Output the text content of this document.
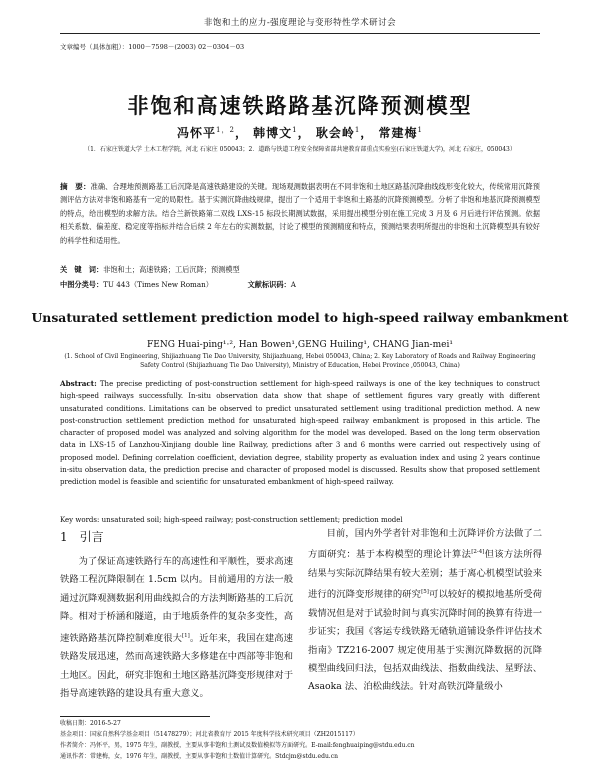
非饱和土的应力-强度理论与变形特性学术研讨会
文章编号（具体加粗）：1000－7598－(2003) 02－0304－03
非饱和高速铁路路基沉降预测模型
冯怀平$^{1,2}$， 韩博文$^1$， 耿会岭$^1$， 常建梅$^1$
（1．石家庄铁道大学 土木工程学院，河北 石家庄 050043；2．道路与铁道工程安全保障省部共建教育部重点实验室(石家庄铁道大学)，河北 石家庄，050043）
摘　要：准确、合理地预测路基工后沉降是高速铁路建设的关键。现场观测数据表明在不同非饱和土地区路基沉降曲线线形变化较大，传统常用沉降预测评估方法对非饱和路基有一定的局限性。基于实测沉降曲线规律，提出了一个适用于非饱和土路基的沉降预测模型。分析了非饱和地基沉降预测模型的特点，给出模型的求解方法。结合兰新铁路第二双线 LXS-15 标段长期测试数据，采用提出模型分别在施工完成 3 月及 6 月后进行评估预测。依据相关系数、偏差度、稳定度等指标并结合后续 2 年左右的实测数据，讨论了模型的预测精度和特点，预测结果表明所提出的非饱和土沉降模型具有较好的科学性和适用性。
关　键　词：非饱和土；高速铁路；工后沉降；预测模型
中图分类号：TU 443（Times New Roman）	文献标识码：A
Unsaturated settlement prediction model to high-speed railway embankment
FENG Huai-ping¹·², Han Bowen¹,GENG Huiling¹, CHANG Jian-mei¹
(1. School of Civil Engineering, Shijiazhuang Tie Dao University, Shijiazhuang, Hebei 050043, China; 2. Key Laboratory of Roads and Railway Engineering Safety Control (Shijiazhuang Tie Dao University), Ministry of Education, Hebei Province ,050043, China)
Abstract: The precise predicting of post-construction settlement for high-speed railways is one of the key techniques to construct high-speed railways successfully. In-situ observation data show that shape of settlement figures vary greatly with different unsaturated conditions. Limitations can be observed to predict unsaturated settlement using traditional prediction method. A new post-construction settlement prediction method for unsaturated high-speed railway embankment is proposed in this article. The character of proposed model was analyzed and solving algorithm for the model was developed. Based on the long term observation data in LXS-15 of Lanzhou-Xinjiang double line Railway, predictions after 3 and 6 months were carried out respectively using of proposed model. Defining correlation coefficient, deviation degree, stability property as evaluation index and using 2 years continue in-situ observation data, the prediction precise and character of proposed model is discussed. Results show that proposed settlement prediction model is feasible and scientific for unsaturated embankment of high-speed railway.
Key words: unsaturated soil; high-speed railway; post-construction settlement; prediction model
1　引言
为了保证高速铁路行车的高速性和平顺性，要求高速铁路工程沉降限制在 1.5cm 以内。目前通用的方法一般通过沉降观测数据利用曲线拟合的方法判断路基的工后沉降。相对于桥涵和隧道，由于地质条件的复杂多变性，高速铁路路基沉降控制难度很大[1]。近年来，我国在建高速铁路发展迅速，然而高速铁路大多修建在中西部等非饱和土地区。因此，研究非饱和土地区路基沉降变形规律对于指导高速铁路的建设具有重大意义。
目前，国内外学者针对非饱和土沉降评价方法做了二方面研究：基于本构模型的理论计算法[2-4]但该方法所得结果与实际沉降结果有较大差别；基于离心机模型试验来进行的沉降变形规律的研究[5]可以较好的模拟地基所受荷载情况但是对于试验时间与真实沉降时间的换算有待进一步证实；我国《客运专线铁路无碴轨道铺设条件评估技术指南》TZ216-2007 规定使用基于实测沉降数据的沉降模型曲线回归法，包括双曲线法、指数曲线法、星野法、Asaoka 法、泊松曲线法。针对高铁沉降量级小
收稿日期：2016-5-27
基金项目：国家自然科学基金项目（51478279）；河北省教育厅 2015 年度科学技术研究项目（ZH2015117）
作者简介：冯怀平，男，1975 年生，副教授，主要从事非饱和土测试及数值模拟等方面研究。E-mail:fenghuaiping@stdu.edu.cn
通讯作者：常建梅，女，1976 年生，副教授，主要从事非饱和土数值计算研究。Stdcjm@stdu.edu.cn
